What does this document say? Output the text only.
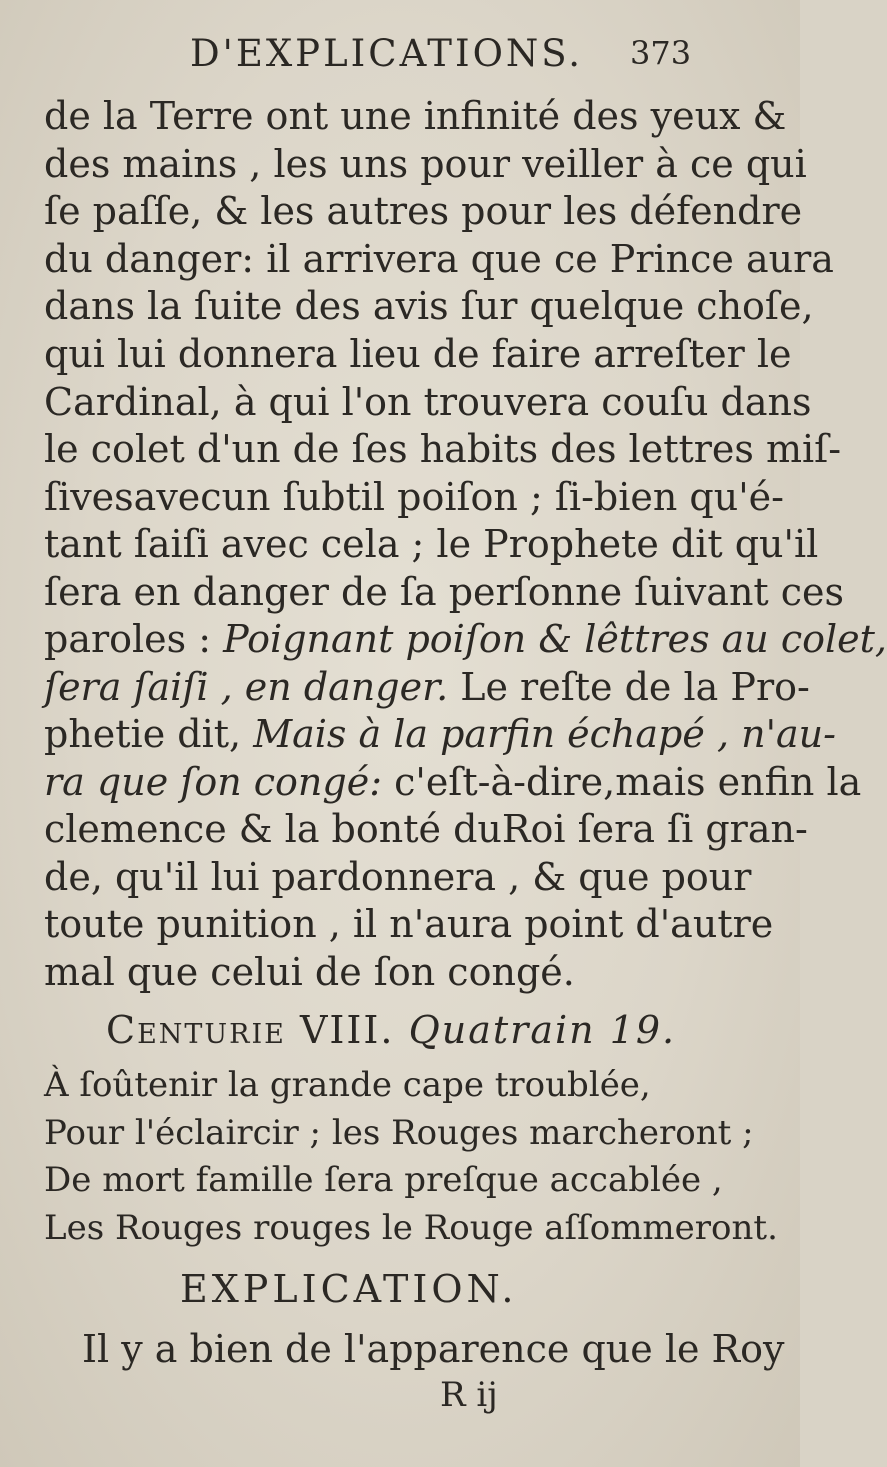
D'EXPLICATIONS. 373
de la Terre ont une infinité des yeux &
des mains , les uns pour veiller à ce qui
ſe paſſe, & les autres pour les défendre
du danger: il arrivera que ce Prince aura
dans la ſuite des avis ſur quelque choſe,
qui lui donnera lieu de faire arreſter le
Cardinal, à qui l'on trouvera couſu dans
le colet d'un de ſes habits des lettres miſ-
ſivesavecun ſubtil poiſon ; ſi-bien qu'é-
tant ſaiſi avec cela ; le Prophete dit qu'il
ſera en danger de ſa perſonne ſuivant ces
paroles : Poignant poiſon & lêttres au colet,
ſera ſaiſi , en danger. Le reſte de la Pro-
phetie dit, Mais à la parfin échapé , n'au-
ra que ſon congé: c'eſt-à-dire,mais enfin la
clemence & la bonté duRoi ſera ſi gran-
de, qu'il lui pardonnera , & que pour
toute punition , il n'aura point d'autre
mal que celui de ſon congé.
Centurie VIII. Quatrain 19.
À ſoûtenir la grande cape troublée,
Pour l'éclaircir ; les Rouges marcheront ;
De mort famille ſera preſque accablée ,
Les Rouges rouges le Rouge aſſommeront.
EXPLICATION.
Il y a bien de l'apparence que le Roy
R ij
